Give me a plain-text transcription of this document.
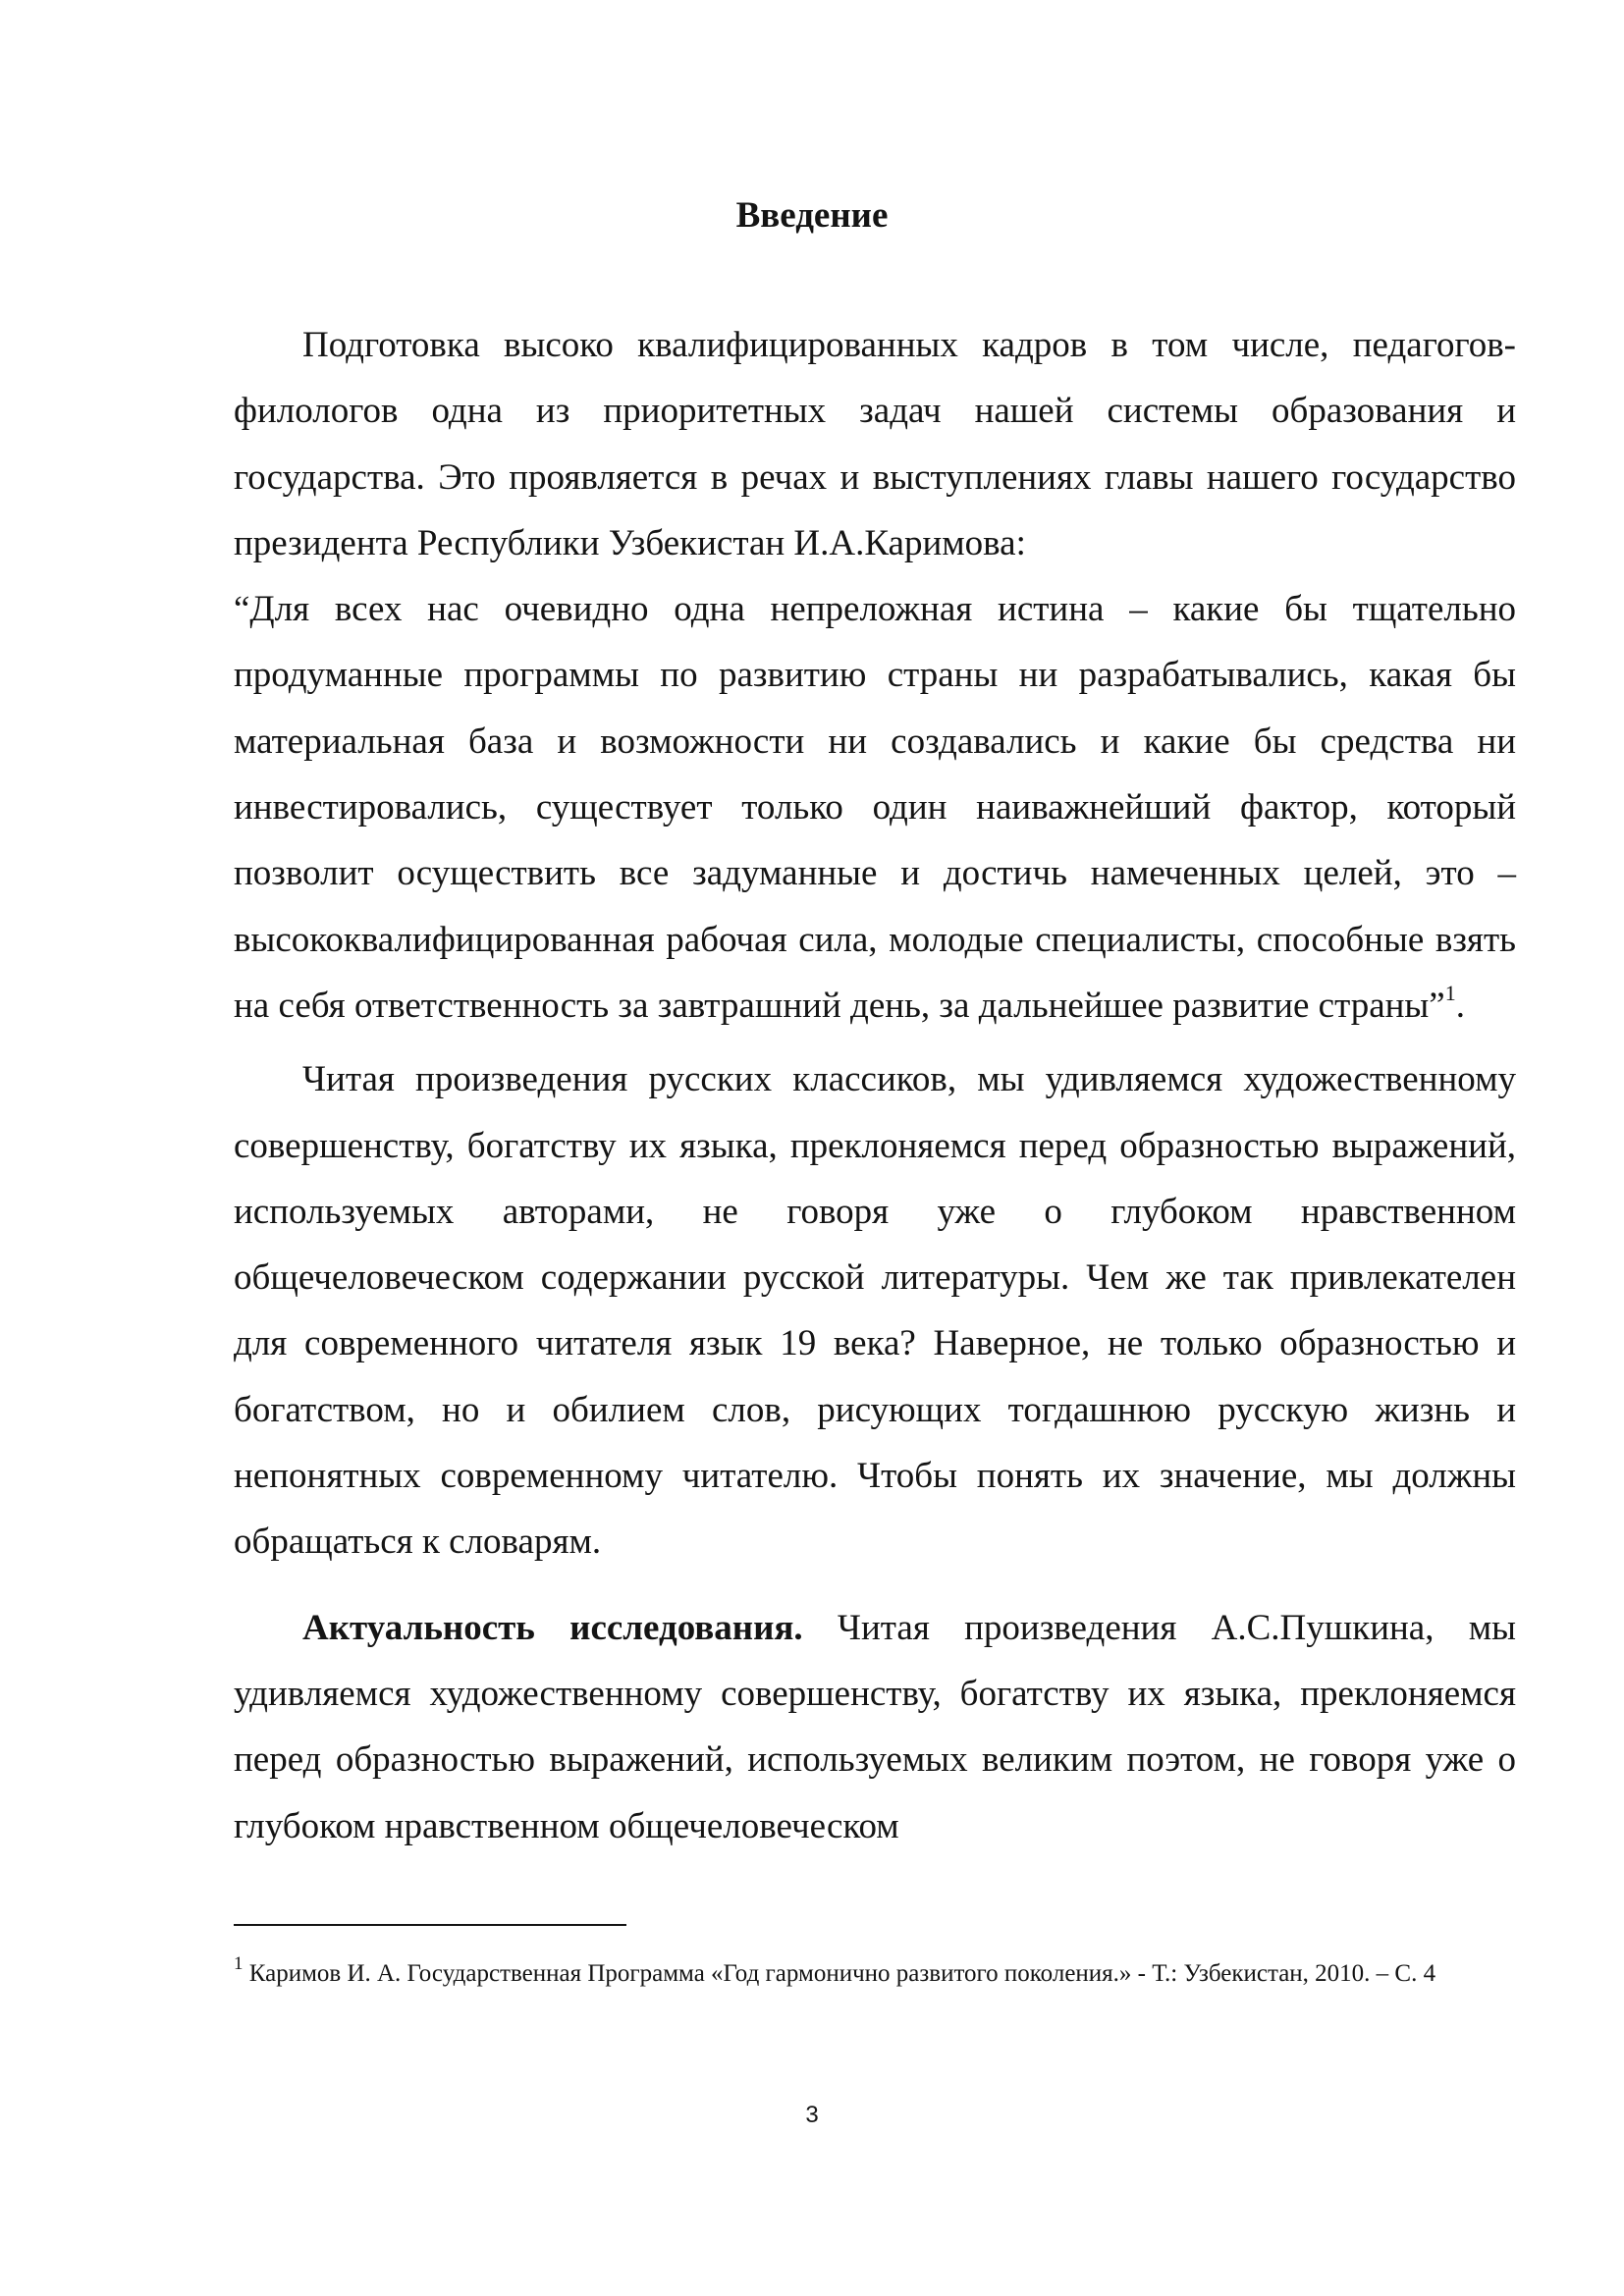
Введение

Подготовка высоко квалифицированных кадров в том числе, педагогов-филологов одна из приоритетных задач нашей системы образования и государства. Это проявляется в речах и выступлениях главы нашего государство президента Республики Узбекистан И.А.Каримова:

“Для всех нас очевидно одна непреложная истина – какие бы тщательно продуманные программы по развитию страны ни разрабатывались, какая бы материальная база и возможности ни создавались и какие бы средства ни инвестировались, существует только один наиважнейший фактор, который позволит осуществить все задуманные и достичь намеченных целей, это – высококвалифицированная рабочая сила, молодые специалисты, способные взять на себя ответственность за завтрашний день, за дальнейшее развитие страны”$^1$.

Читая произведения русских классиков, мы удивляемся художественному совершенству, богатству их языка, преклоняемся перед образностью выражений, используемых авторами, не говоря уже о глубоком нравственном общечеловеческом содержании русской литературы. Чем же так привлекателен для современного читателя язык 19 века? Наверное, не только образностью и богатством, но и обилием слов, рисующих тогдашнюю русскую жизнь и непонятных современному читателю. Чтобы понять их значение, мы должны обращаться к словарям.

Актуальность исследования. Читая произведения А.С.Пушкина, мы удивляемся художественному совершенству, богатству их языка, преклоняемся перед образностью выражений, используемых великим поэтом, не говоря уже о глубоком нравственном общечеловеческом

$^1$ Каримов И. А. Государственная Программа «Год гармонично развитого поколения.» - Т.: Узбекистан, 2010. – С. 4

3
